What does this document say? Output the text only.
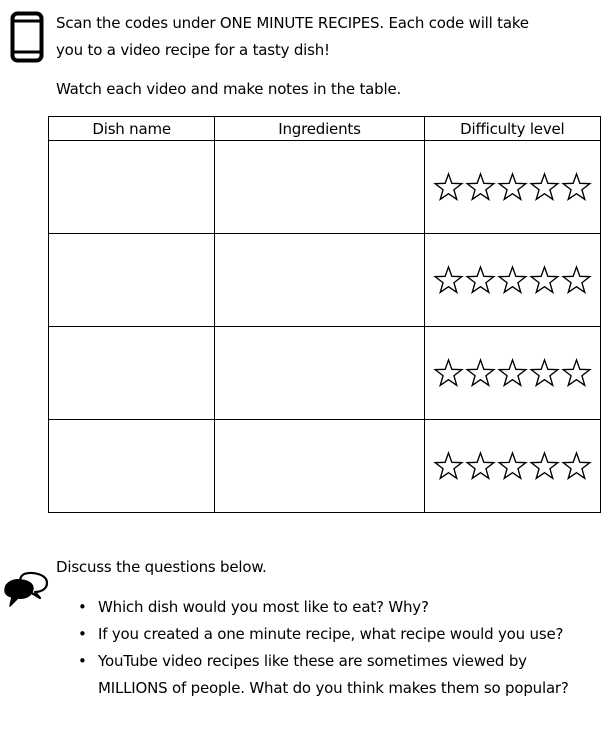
Scan the codes under ONE MINUTE RECIPES. Each code will take
you to a video recipe for a tasty dish!
Watch each video and make notes in the table.
Dish name	Ingredients	Difficulty level

Discuss the questions below.
• Which dish would you most like to eat? Why?
• If you created a one minute recipe, what recipe would you use?
• YouTube video recipes like these are sometimes viewed by MILLIONS of people. What do you think makes them so popular?
